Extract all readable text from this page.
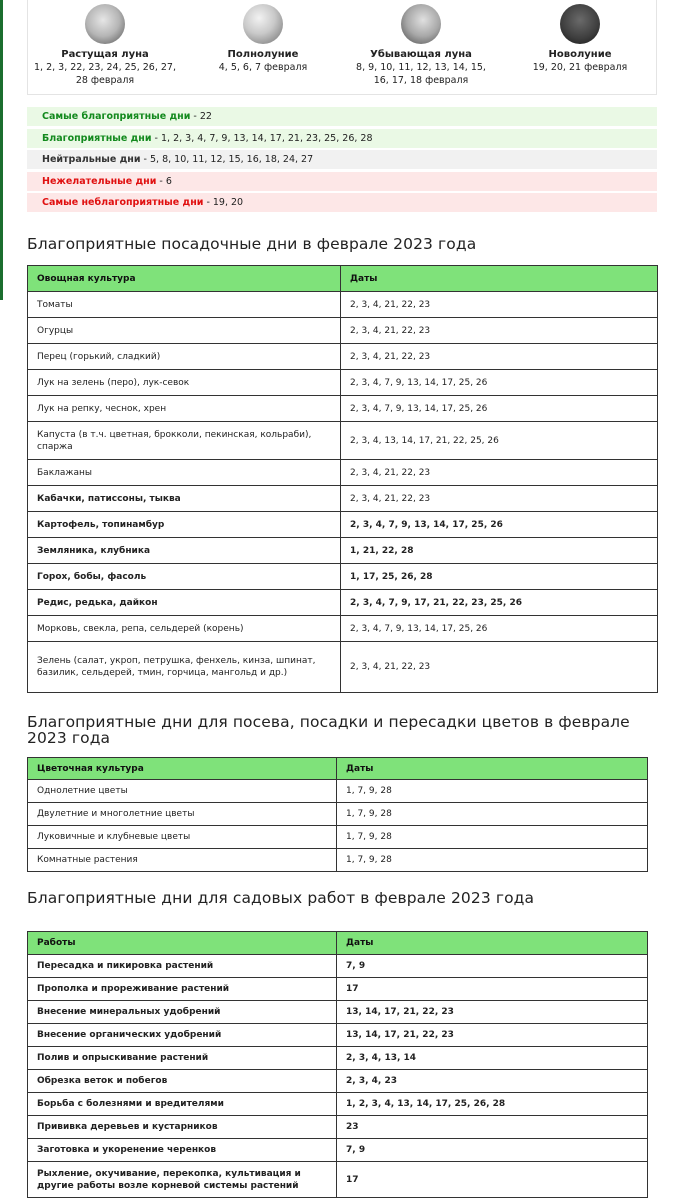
Растущая луна
1, 2, 3, 22, 23, 24, 25, 26, 27, 28 февраля
Полнолуние
4, 5, 6, 7 февраля
Убывающая луна
8, 9, 10, 11, 12, 13, 14, 15, 16, 17, 18 февраля
Новолуние
19, 20, 21 февраля
Самые благоприятные дни - 22
Благоприятные дни - 1, 2, 3, 4, 7, 9, 13, 14, 17, 21, 23, 25, 26, 28
Нейтральные дни - 5, 8, 10, 11, 12, 15, 16, 18, 24, 27
Нежелательные дни - 6
Самые неблагоприятные дни - 19, 20
Благоприятные посадочные дни в феврале 2023 года
Овощная культура	Даты
Томаты	2, 3, 4, 21, 22, 23
Огурцы	2, 3, 4, 21, 22, 23
Перец (горький, сладкий)	2, 3, 4, 21, 22, 23
Лук на зелень (перо), лук-севок	2, 3, 4, 7, 9, 13, 14, 17, 25, 26
Лук на репку, чеснок, хрен	2, 3, 4, 7, 9, 13, 14, 17, 25, 26
Капуста (в т.ч. цветная, брокколи, пекинская, кольраби), спаржа	2, 3, 4, 13, 14, 17, 21, 22, 25, 26
Баклажаны	2, 3, 4, 21, 22, 23
Кабачки, патиссоны, тыква	2, 3, 4, 21, 22, 23
Картофель, топинамбур	2, 3, 4, 7, 9, 13, 14, 17, 25, 26
Земляника, клубника	1, 21, 22, 28
Горох, бобы, фасоль	1, 17, 25, 26, 28
Редис, редька, дайкон	2, 3, 4, 7, 9, 17, 21, 22, 23, 25, 26
Морковь, свекла, репа, сельдерей (корень)	2, 3, 4, 7, 9, 13, 14, 17, 25, 26
Зелень (салат, укроп, петрушка, фенхель, кинза, шпинат, базилик, сельдерей, тмин, горчица, мангольд и др.)	2, 3, 4, 21, 22, 23
Благоприятные дни для посева, посадки и пересадки цветов в феврале 2023 года
Цветочная культура	Даты
Однолетние цветы	1, 7, 9, 28
Двулетние и многолетние цветы	1, 7, 9, 28
Луковичные и клубневые цветы	1, 7, 9, 28
Комнатные растения	1, 7, 9, 28
Благоприятные дни для садовых работ в феврале 2023 года
Работы	Даты
Пересадка и пикировка растений	7, 9
Прополка и прореживание растений	17
Внесение минеральных удобрений	13, 14, 17, 21, 22, 23
Внесение органических удобрений	13, 14, 17, 21, 22, 23
Полив и опрыскивание растений	2, 3, 4, 13, 14
Обрезка веток и побегов	2, 3, 4, 23
Борьба с болезнями и вредителями	1, 2, 3, 4, 13, 14, 17, 25, 26, 28
Прививка деревьев и кустарников	23
Заготовка и укоренение черенков	7, 9
Рыхление, окучивание, перекопка, культивация и другие работы возле корневой системы растений	17
